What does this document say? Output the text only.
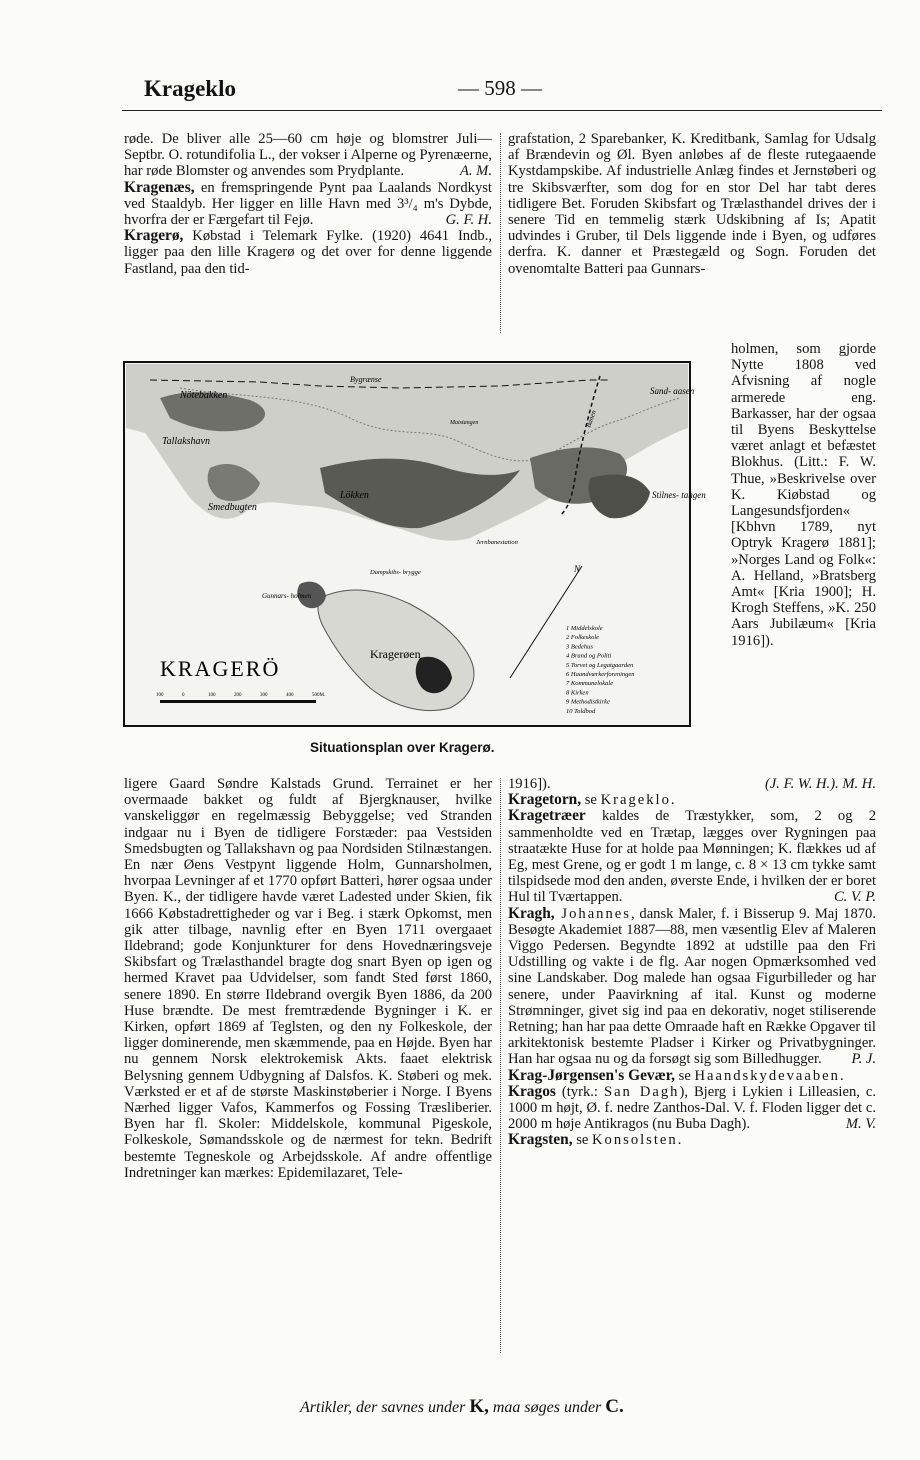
Krageklo	— 598 —

røde. De bliver alle 25—60 cm høje og blomstrer Juli—Septbr. O. rotundifolia L., der vokser i Alperne og Pyrenæerne, har røde Blomster og anvendes som Prydplante.	A. M.

Kragenæs, en fremspringende Pynt paa Laalands Nordkyst ved Staaldyb. Her ligger en lille Havn med 3³/₄ m's Dybde, hvorfra der er Færgefart til Fejø.	G. F. H.

Kragerø, Købstad i Telemark Fylke. (1920) 4641 Indb., ligger paa den lille Kragerø og det over for denne liggende Fastland, paa den tid-

grafstation, 2 Sparebanker, K. Kreditbank, Samlag for Udsalg af Brændevin og Øl. Byen anløbes af de fleste rutegaaende Kystdampskibe. Af industrielle Anlæg findes et Jernstøberi og tre Skibsværfter, som dog for en stor Del har tabt deres tidligere Bet. Foruden Skibsfart og Trælasthandel drives der i senere Tid en temmelig stærk Udskibning af Is; Apatit udvindes i Gruber, til Dels liggende inde i Byen, og udføres derfra. K. danner et Præstegæld og Sogn. Foruden det ovenomtalte Batteri paa Gunnars-

Nötebakken
Tallakshavn
Smedbugten
Gunnars- holmen
Bygrænse
Maistangen
Lökken
Sand- aasen
Stilnes- tangen
Jernbanestation
Dampskibs- brygge
Kragerøen
Banen
N
KRAGERÖ
1 Middelskole
2 Folkeskole
3 Bedehus
4 Brand og Politi
5 Torvet og Legatgaarden
6 Haandværkerforeningen
7 Kommunelokale
8 Kirken
9 Methodistkirke
10 Toldbod
100	0	100	200	300	400	500M.
Situationsplan over Kragerø.

holmen, som gjorde Nytte 1808 ved Afvisning af nogle armerede eng. Barkasser, har der ogsaa til Byens Beskyttelse været anlagt et befæstet Blokhus. (Litt.: F. W. Thue, »Beskrivelse over K. Kiøbstad og Langesundsfjorden« [Kbhvn 1789, nyt Optryk Kragerø 1881]; »Norges Land og Folk«: A. Helland, »Bratsberg Amt« [Kria 1900]; H. Krogh Steffens, »K. 250 Aars Jubilæum« [Kria 1916]).

ligere Gaard Søndre Kalstads Grund. Terrainet er her overmaade bakket og fuldt af Bjergknauser, hvilke vanskeliggør en regelmæssig Bebyggelse; ved Stranden indgaar nu i Byen de tidligere Forstæder: paa Vestsiden Smedsbugten og Tallakshavn og paa Nordsiden Stilnæstangen. En nær Øens Vestpynt liggende Holm, Gunnarsholmen, hvorpaa Levninger af et 1770 opført Batteri, hører ogsaa under Byen. K., der tidligere havde været Ladested under Skien, fik 1666 Købstadrettigheder og var i Beg. i stærk Opkomst, men gik atter tilbage, navnlig efter en Byen 1711 overgaaet Ildebrand; gode Konjunkturer for dens Hovednæringsveje Skibsfart og Trælasthandel bragte dog snart Byen op igen og hermed Kravet paa Udvidelser, som fandt Sted først 1860, senere 1890. En større Ildebrand overgik Byen 1886, da 200 Huse brændte. De mest fremtrædende Bygninger i K. er Kirken, opført 1869 af Teglsten, og den ny Folkeskole, der ligger dominerende, men skæmmende, paa en Højde. Byen har nu gennem Norsk elektrokemisk Akts. faaet elektrisk Belysning gennem Udbygning af Dalsfos. K. Støberi og mek. Værksted er et af de største Maskinstøberier i Norge. I Byens Nærhed ligger Vafos, Kammerfos og Fossing Træsliberier. Byen har fl. Skoler: Middelskole, kommunal Pigeskole, Folkeskole, Sømandsskole og de nærmest for tekn. Bedrift bestemte Tegneskole og Arbejdsskole. Af andre offentlige Indretninger kan mærkes: Epidemilazaret, Tele-

1916]).	(J. F. W. H.). M. H.

Kragetorn, se Krageklo.

Kragetræer kaldes de Træstykker, som, 2 og 2 sammenholdte ved en Trætap, lægges over Rygningen paa straatækte Huse for at holde paa Mønningen; K. flækkes ud af Eg, mest Grene, og er godt 1 m lange, c. 8 × 13 cm tykke samt tilspidsede mod den anden, øverste Ende, i hvilken der er boret Hul til Tværtappen.	C. V. P.

Kragh, Johannes, dansk Maler, f. i Bisserup 9. Maj 1870. Besøgte Akademiet 1887—88, men væsentlig Elev af Maleren Viggo Pedersen. Begyndte 1892 at udstille paa den Fri Udstilling og vakte i de flg. Aar nogen Opmærksomhed ved sine Landskaber. Dog malede han ogsaa Figurbilleder og har senere, under Paavirkning af ital. Kunst og moderne Strømninger, givet sig ind paa en dekorativ, noget stiliserende Retning; han har paa dette Omraade haft en Række Opgaver til arkitektonisk bestemte Pladser i Kirker og Privatbygninger. Han har ogsaa nu og da forsøgt sig som Billedhugger. P. J.

Krag-Jørgensen's Gevær, se Haandskydevaaben.

Kragos (tyrk.: San Dagh), Bjerg i Lykien i Lilleasien, c. 1000 m højt, Ø. f. nedre Zanthos-Dal. V. f. Floden ligger det c. 2000 m høje Antikragos (nu Buba Dagh).	M. V.

Kragsten, se Konsolsten.

Artikler, der savnes under K, maa søges under C.
